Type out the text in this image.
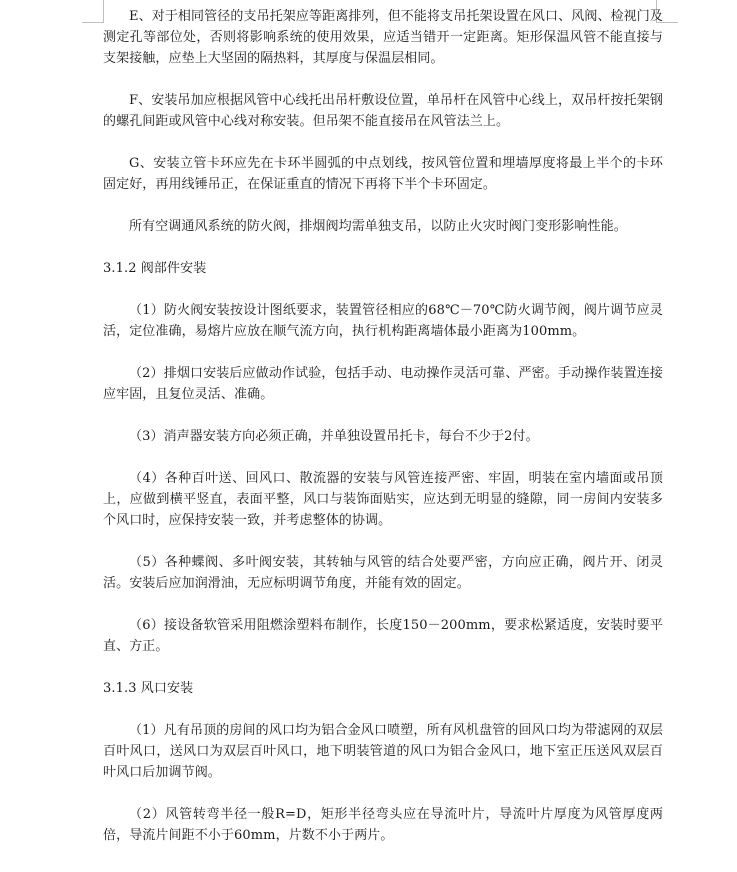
E、对于相同管径的支吊托架应等距离排列，但不能将支吊托架设置在风口、风阀、检视门及测定孔等部位处，否则将影响系统的使用效果，应适当错开一定距离。矩形保温风管不能直接与支架接触，应垫上大坚固的隔热料，其厚度与保温层相同。

F、安装吊加应根据风管中心线托出吊杆敷设位置，单吊杆在风管中心线上，双吊杆按托架钢的螺孔间距或风管中心线对称安装。但吊架不能直接吊在风管法兰上。

G、安装立管卡环应先在卡环半圆弧的中点划线，按风管位置和埋墙厚度将最上半个的卡环固定好，再用线锤吊正，在保证重直的情况下再将下半个卡环固定。

所有空调通风系统的防火阀，排烟阀均需单独支吊，以防止火灾时阀门变形影响性能。

3.1.2 阀部件安装

（1）防火阀安装按设计图纸要求，装置管径相应的68℃－70℃防火调节阀，阀片调节应灵活，定位准确，易熔片应放在顺气流方向，执行机构距离墙体最小距离为100mm。

（2）排烟口安装后应做动作试验，包括手动、电动操作灵活可靠、严密。手动操作装置连接应牢固，且复位灵活、准确。

（3）消声器安装方向必须正确，并单独设置吊托卡，每台不少于2付。

（4）各种百叶送、回风口、散流器的安装与风管连接严密、牢固，明装在室内墙面或吊顶上，应做到横平竖直，表面平整，风口与装饰面贴实，应达到无明显的缝隙，同一房间内安装多个风口时，应保持安装一致，并考虑整体的协调。

（5）各种蝶阀、多叶阀安装，其转轴与风管的结合处要严密，方向应正确，阀片开、闭灵活。安装后应加润滑油，无应标明调节角度，并能有效的固定。

（6）接设备软管采用阻燃涂塑料布制作，长度150－200mm，要求松紧适度，安装时要平直、方正。

3.1.3 风口安装

（1）凡有吊顶的房间的风口均为铝合金风口喷塑，所有风机盘管的回风口均为带滤网的双层百叶风口，送风口为双层百叶风口，地下明装管道的风口为铝合金风口，地下室正压送风双层百叶风口后加调节阀。

（2）风管转弯半径一般R=D，矩形半径弯头应在导流叶片，导流叶片厚度为风管厚度两倍，导流片间距不小于60mm，片数不小于两片。
